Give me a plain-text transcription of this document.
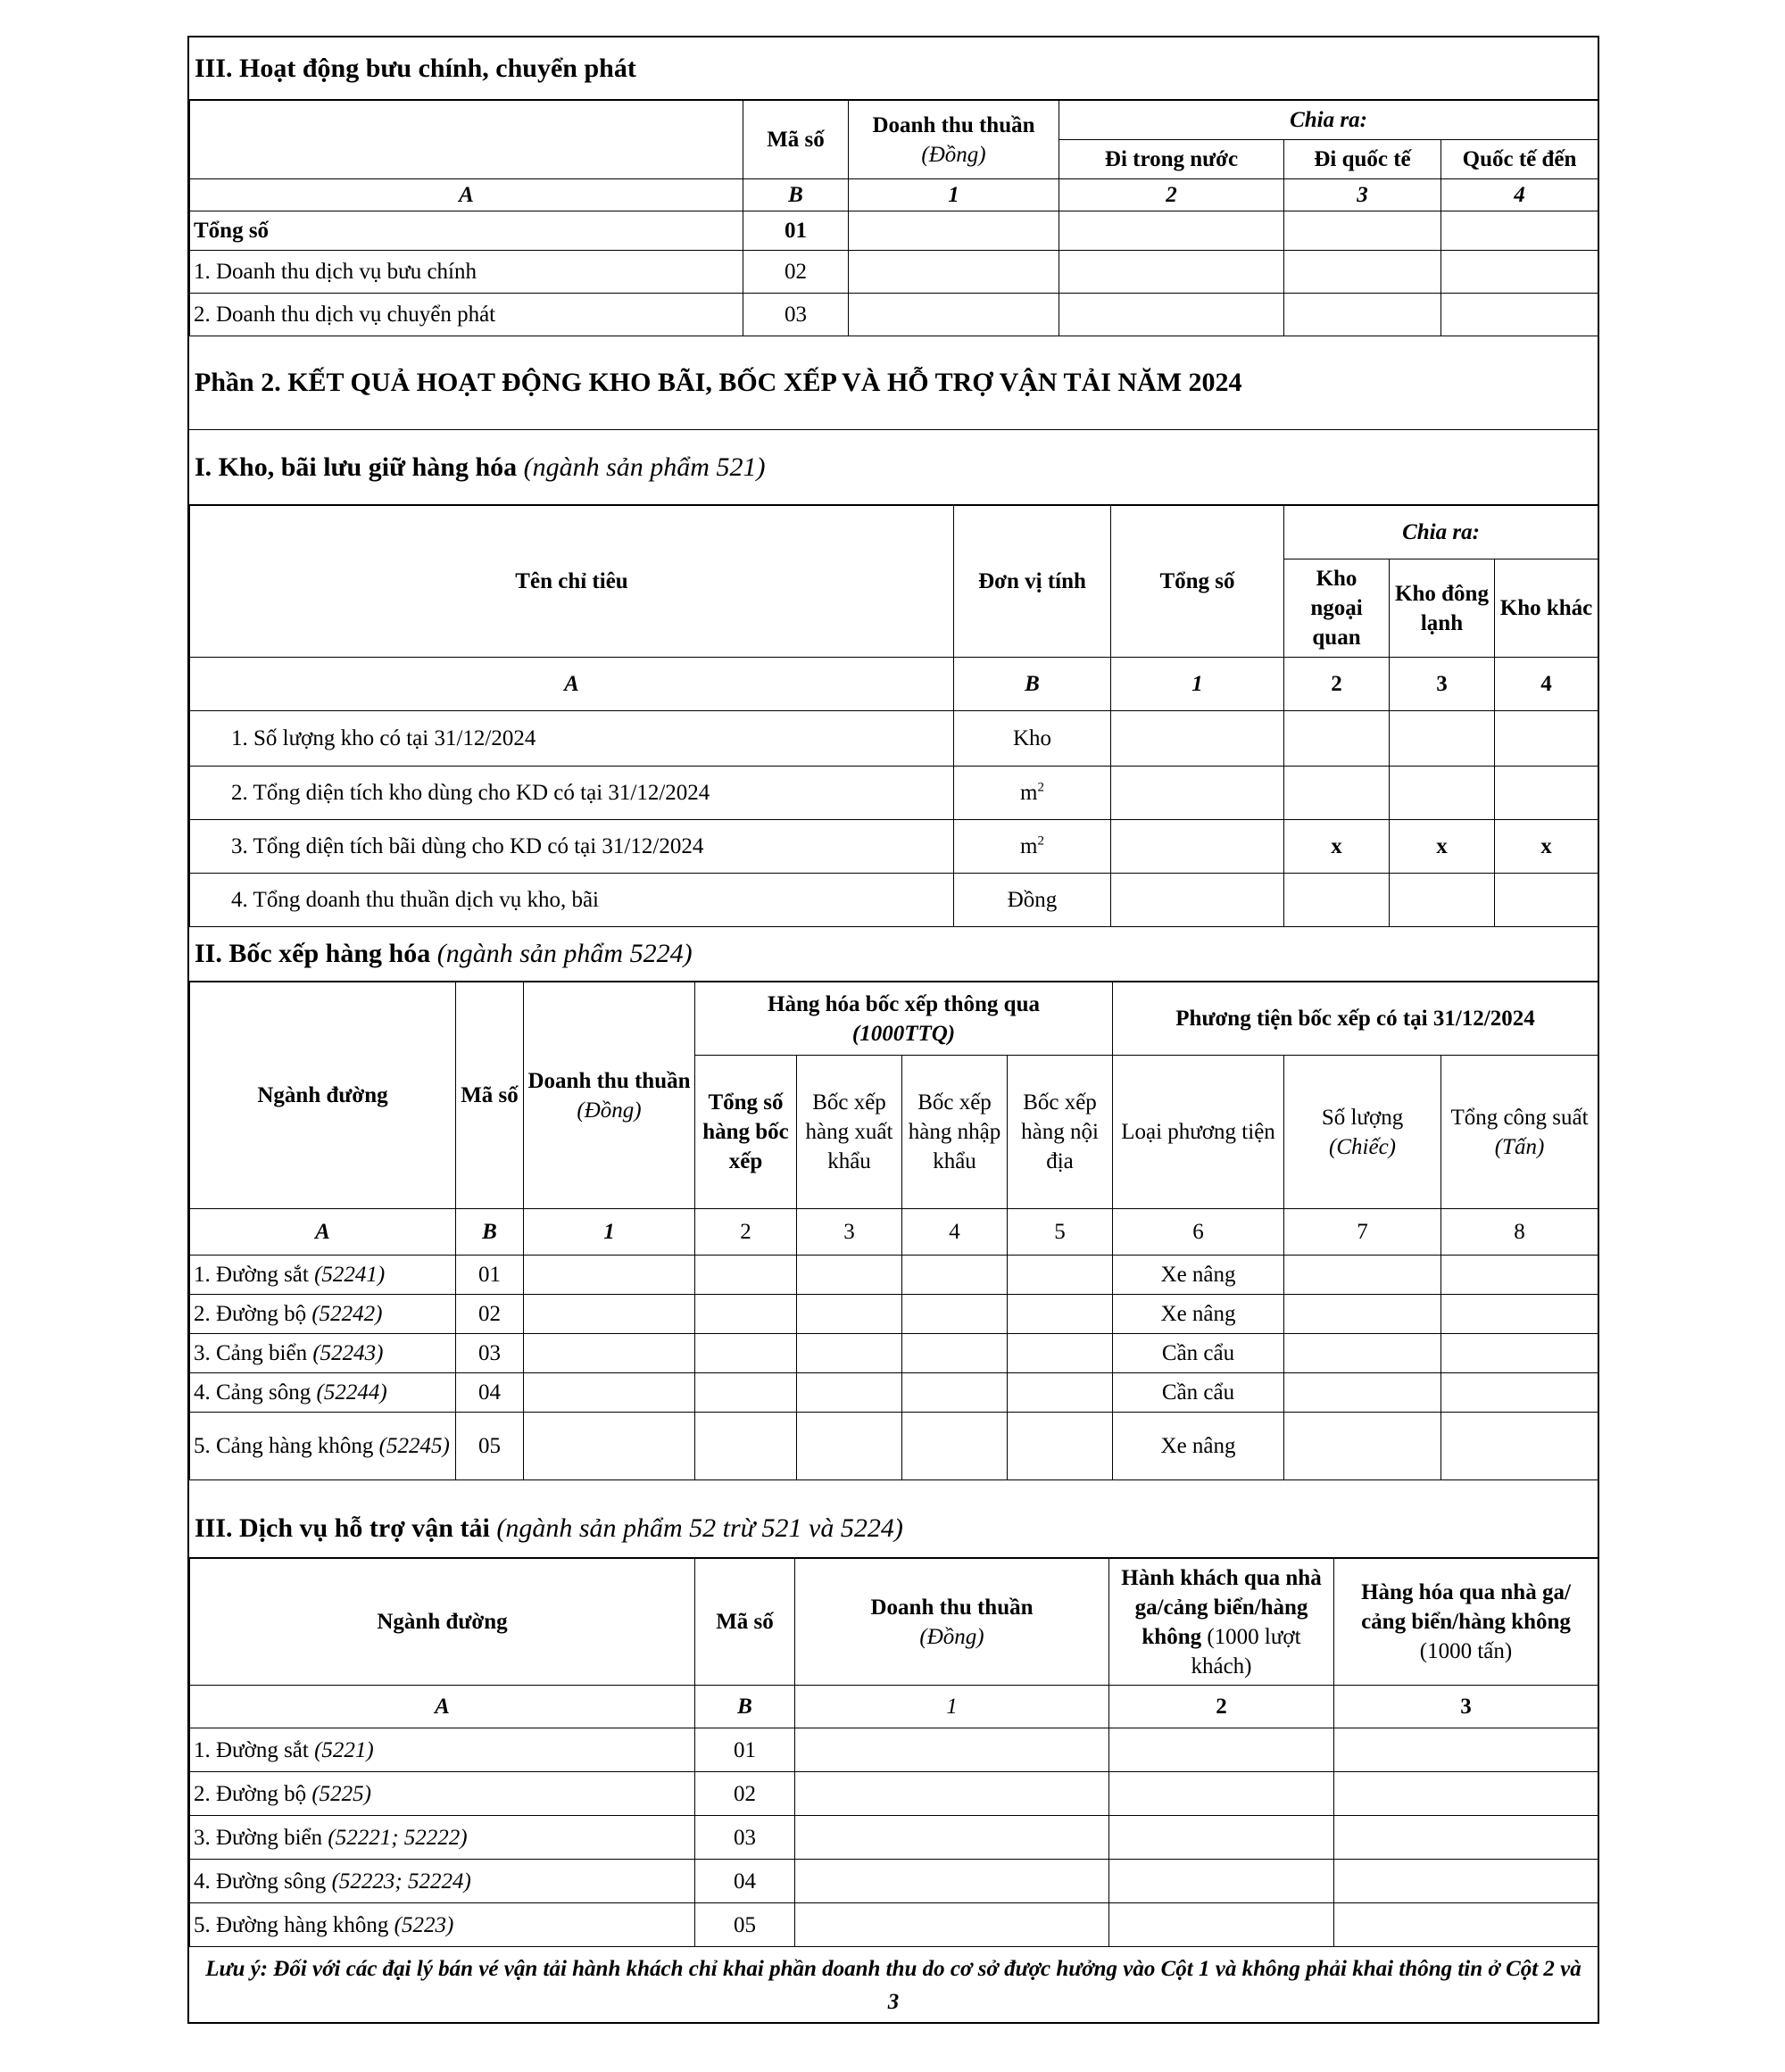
III. Hoạt động bưu chính, chuyển phát
	Mã số	Doanh thu thuần
(Đồng)	Chia ra:		
			Đi trong nước	Đi quốc tế	Quốc tế đến
A	B	1	2	3	4
Tổng số	01				
1. Doanh thu dịch vụ bưu chính	02				
2. Doanh thu dịch vụ chuyển phát	03				
Phần 2. KẾT QUẢ HOẠT ĐỘNG KHO BÃI, BỐC XẾP VÀ HỖ TRỢ VẬN TẢI NĂM 2024
I. Kho, bãi lưu giữ hàng hóa
(ngành sản phẩm 521)
Tên chỉ tiêu	Đơn vị tính	Tổng số	Chia ra:		
			Kho ngoại quan	Kho đông lạnh	Kho khác
A	B	1	2	3	4
1. Số lượng kho có tại 31/12/2024	Kho				
2. Tổng diện tích kho dùng cho KD có tại 31/12/2024	$m^2$				
3. Tổng diện tích bãi dùng cho KD có tại 31/12/2024	$m^2$		x	x	x
4. Tổng doanh thu thuần dịch vụ kho, bãi	Đồng				
II. Bốc xếp hàng hóa
(ngành sản phẩm 5224)
Ngành đường	Mã số	Doanh thu thuần (Đồng)	Hàng hóa bốc xếp thông qua
(1000TTQ)				Phương tiện bốc xếp có tại 31/12/2024		
			Tổng số hàng bốc xếp	Bốc xếp hàng xuất khẩu	Bốc xếp hàng nhập khẩu	Bốc xếp hàng nội địa	Loại phương tiện	Số lượng
(Chiếc)	Tổng công suất (Tấn)
A	B	1	2	3	4	5	6	7	8
1. Đường sắt (52241)	01						Xe nâng		
2. Đường bộ (52242)	02						Xe nâng		
3. Cảng biển (52243)	03						Cần cẩu		
4. Cảng sông (52244)	04						Cần cẩu		
5. Cảng hàng không (52245)	05						Xe nâng		
III. Dịch vụ hỗ trợ vận tải
(ngành sản phẩm 52 trừ 521 và 5224)
Ngành đường	Mã số	Doanh thu thuần
(Đồng)	Hành khách qua nhà ga/cảng biển/hàng không (1000 lượt khách)	Hàng hóa qua nhà ga/ cảng biển/hàng không
(1000 tấn)
A	B	1	2	3
1. Đường sắt (5221)	01			
2. Đường bộ (5225)	02			
3. Đường biển (52221; 52222)	03			
4. Đường sông (52223; 52224)	04			
5. Đường hàng không (5223)	05			
Lưu ý: Đối với các đại lý bán vé vận tải hành khách chỉ khai phần doanh thu do cơ sở được hưởng vào Cột 1 và không phải khai thông tin ở Cột 2 và 3
